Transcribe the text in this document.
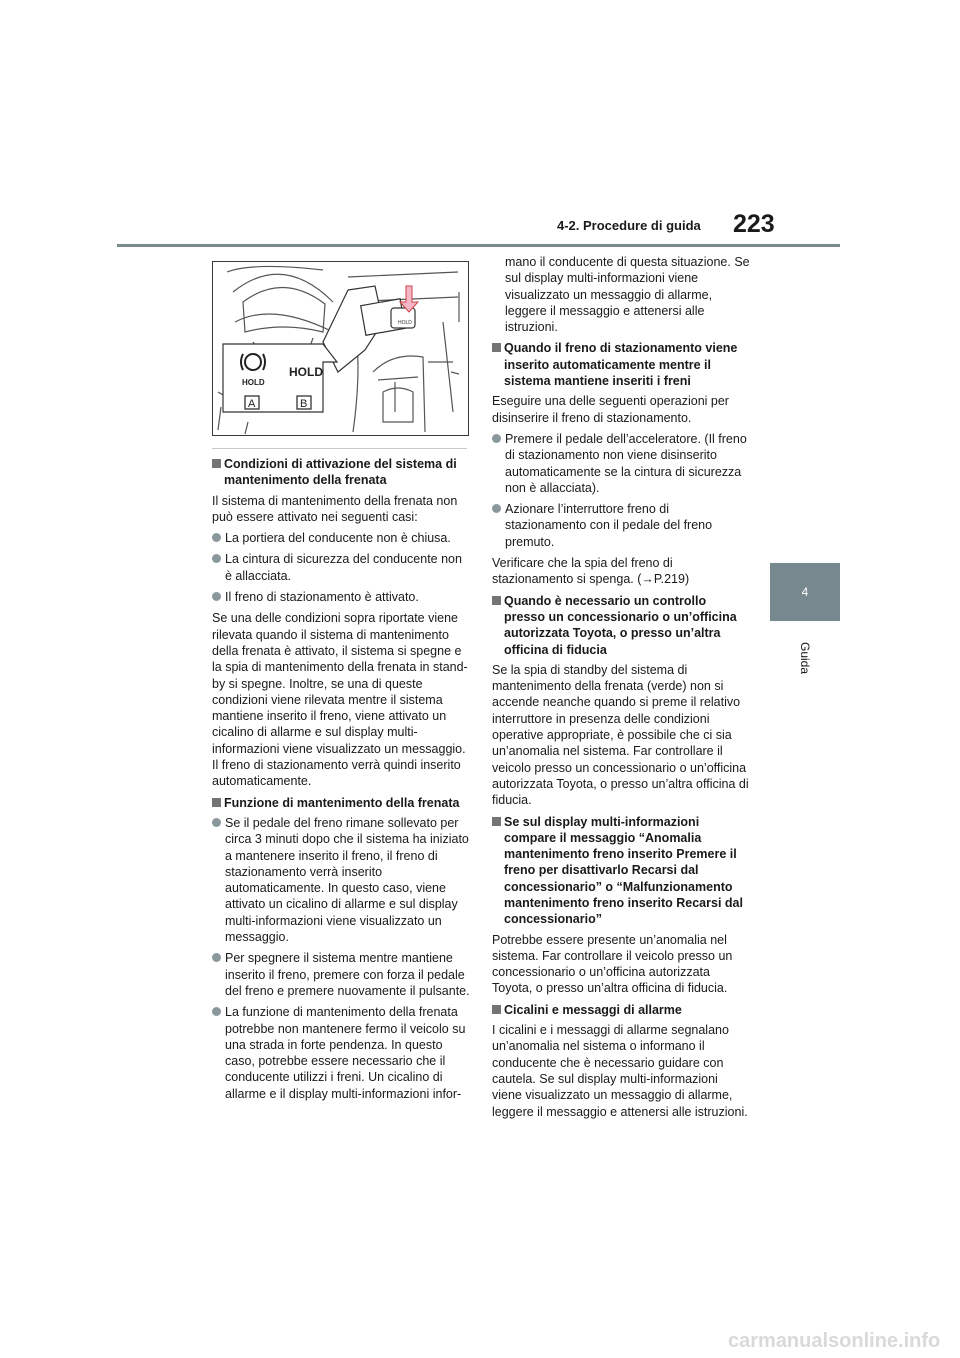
4-2. Procedure di guida 223
4
Guida
HOLD
HOLD
HOLD
A	B
Condizioni di attivazione del sistema di mantenimento della frenata

Il sistema di mantenimento della frenata non può essere attivato nei seguenti casi:

La portiera del conducente non è chiusa.

La cintura di sicurezza del conducente non è allacciata.

Il freno di stazionamento è attivato.

Se una delle condizioni sopra riportate viene rilevata quando il sistema di mantenimento della frenata è attivato, il sistema si spegne e la spia di mantenimento della frenata in stand-by si spegne. Inoltre, se una di queste condizioni viene rilevata mentre il sistema mantiene inserito il freno, viene attivato un cicalino di allarme e sul display multi-informazioni viene visualizzato un messaggio. Il freno di stazionamento verrà quindi inserito automaticamente.

Funzione di mantenimento della frenata

Se il pedale del freno rimane sollevato per circa 3 minuti dopo che il sistema ha iniziato a mantenere inserito il freno, il freno di stazionamento verrà inserito automaticamente. In questo caso, viene attivato un cicalino di allarme e sul display multi-informazioni viene visualizzato un messaggio.

Per spegnere il sistema mentre mantiene inserito il freno, premere con forza il pedale del freno e premere nuovamente il pulsante.

La funzione di mantenimento della frenata potrebbe non mantenere fermo il veicolo su una strada in forte pendenza. In questo caso, potrebbe essere necessario che il conducente utilizzi i freni. Un cicalino di allarme e il display multi-informazioni infor-

mano il conducente di questa situazione. Se sul display multi-informazioni viene visualizzato un messaggio di allarme, leggere il messaggio e attenersi alle istruzioni.

Quando il freno di stazionamento viene inserito automaticamente mentre il sistema mantiene inseriti i freni

Eseguire una delle seguenti operazioni per disinserire il freno di stazionamento.

Premere il pedale dell’acceleratore. (Il freno di stazionamento non viene disinserito automaticamente se la cintura di sicurezza non è allacciata).

Azionare l’interruttore freno di stazionamento con il pedale del freno premuto.

Verificare che la spia del freno di stazionamento si spenga. (→P.219)

Quando è necessario un controllo presso un concessionario o un’officina autorizzata Toyota, o presso un’altra officina di fiducia

Se la spia di standby del sistema di mantenimento della frenata (verde) non si accende neanche quando si preme il relativo interruttore in presenza delle condizioni operative appropriate, è possibile che ci sia un’anomalia nel sistema. Far controllare il veicolo presso un concessionario o un’officina autorizzata Toyota, o presso un’altra officina di fiducia.

Se sul display multi-informazioni compare il messaggio “Anomalia mantenimento freno inserito Premere il freno per disattivarlo Recarsi dal concessionario” o “Malfunzionamento mantenimento freno inserito Recarsi dal concessionario”

Potrebbe essere presente un’anomalia nel sistema. Far controllare il veicolo presso un concessionario o un’officina autorizzata Toyota, o presso un’altra officina di fiducia.

Cicalini e messaggi di allarme

I cicalini e i messaggi di allarme segnalano un’anomalia nel sistema o informano il conducente che è necessario guidare con cautela. Se sul display multi-informazioni viene visualizzato un messaggio di allarme, leggere il messaggio e attenersi alle istruzioni.

carmanualsonline.info
